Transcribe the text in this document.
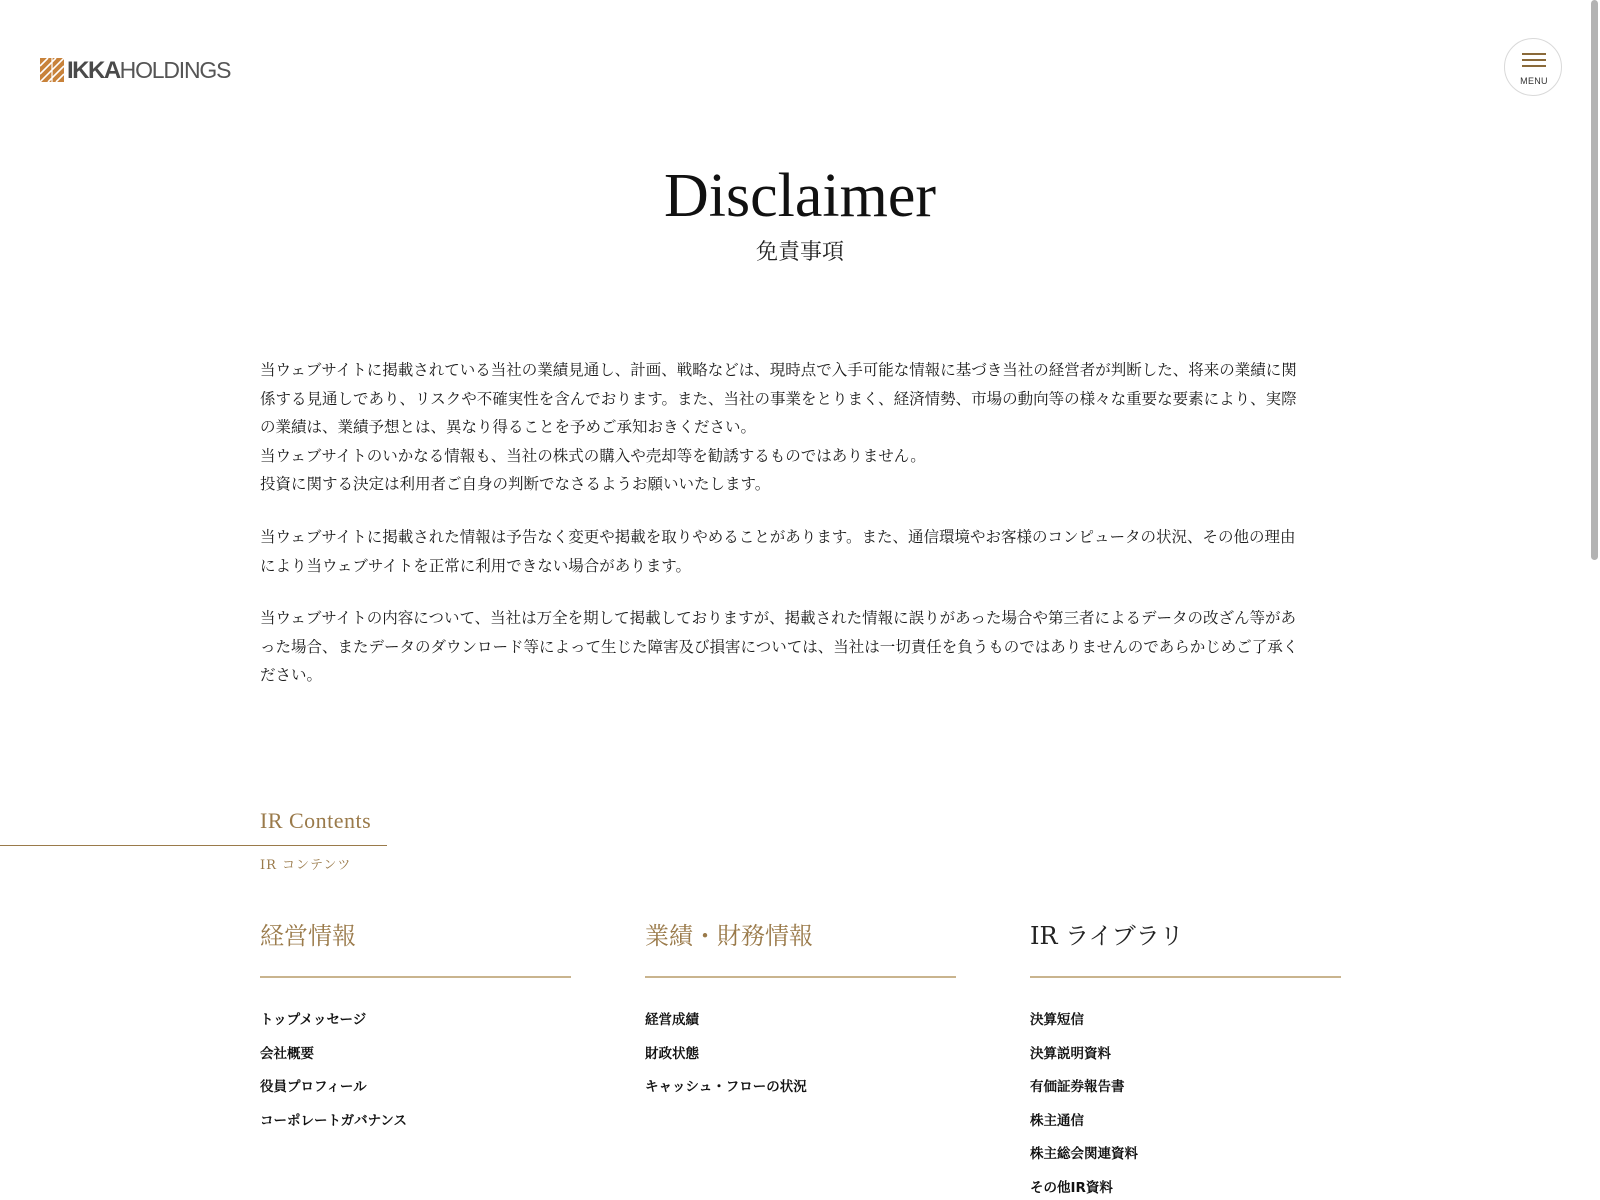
IKKAHOLDINGS	MENU
Disclaimer
免責事項

当ウェブサイトに掲載されている当社の業績見通し、計画、戦略などは、現時点で入手可能な情報に基づき当社の経営者が判断した、将来の業績に関
係する見通しであり、リスクや不確実性を含んでおります。また、当社の事業をとりまく、経済情勢、市場の動向等の様々な重要な要素により、実際
の業績は、業績予想とは、異なり得ることを予めご承知おきください。
当ウェブサイトのいかなる情報も、当社の株式の購入や売却等を勧誘するものではありません。
投資に関する決定は利用者ご自身の判断でなさるようお願いいたします。

当ウェブサイトに掲載された情報は予告なく変更や掲載を取りやめることがあります。また、通信環境やお客様のコンピュータの状況、その他の理由
により当ウェブサイトを正常に利用できない場合があります。

当ウェブサイトの内容について、当社は万全を期して掲載しておりますが、掲載された情報に誤りがあった場合や第三者によるデータの改ざん等があ
った場合、またデータのダウンロード等によって生じた障害及び損害については、当社は一切責任を負うものではありませんのであらかじめご了承く
ださい。

IR Contents
IR コンテンツ
経営情報
トップメッセージ
会社概要
役員プロフィール
コーポレートガバナンス
業績・財務情報
経営成績
財政状態
キャッシュ・フローの状況
IR ライブラリ
決算短信
決算説明資料
有価証券報告書
株主通信
株主総会関連資料
その他IR資料
